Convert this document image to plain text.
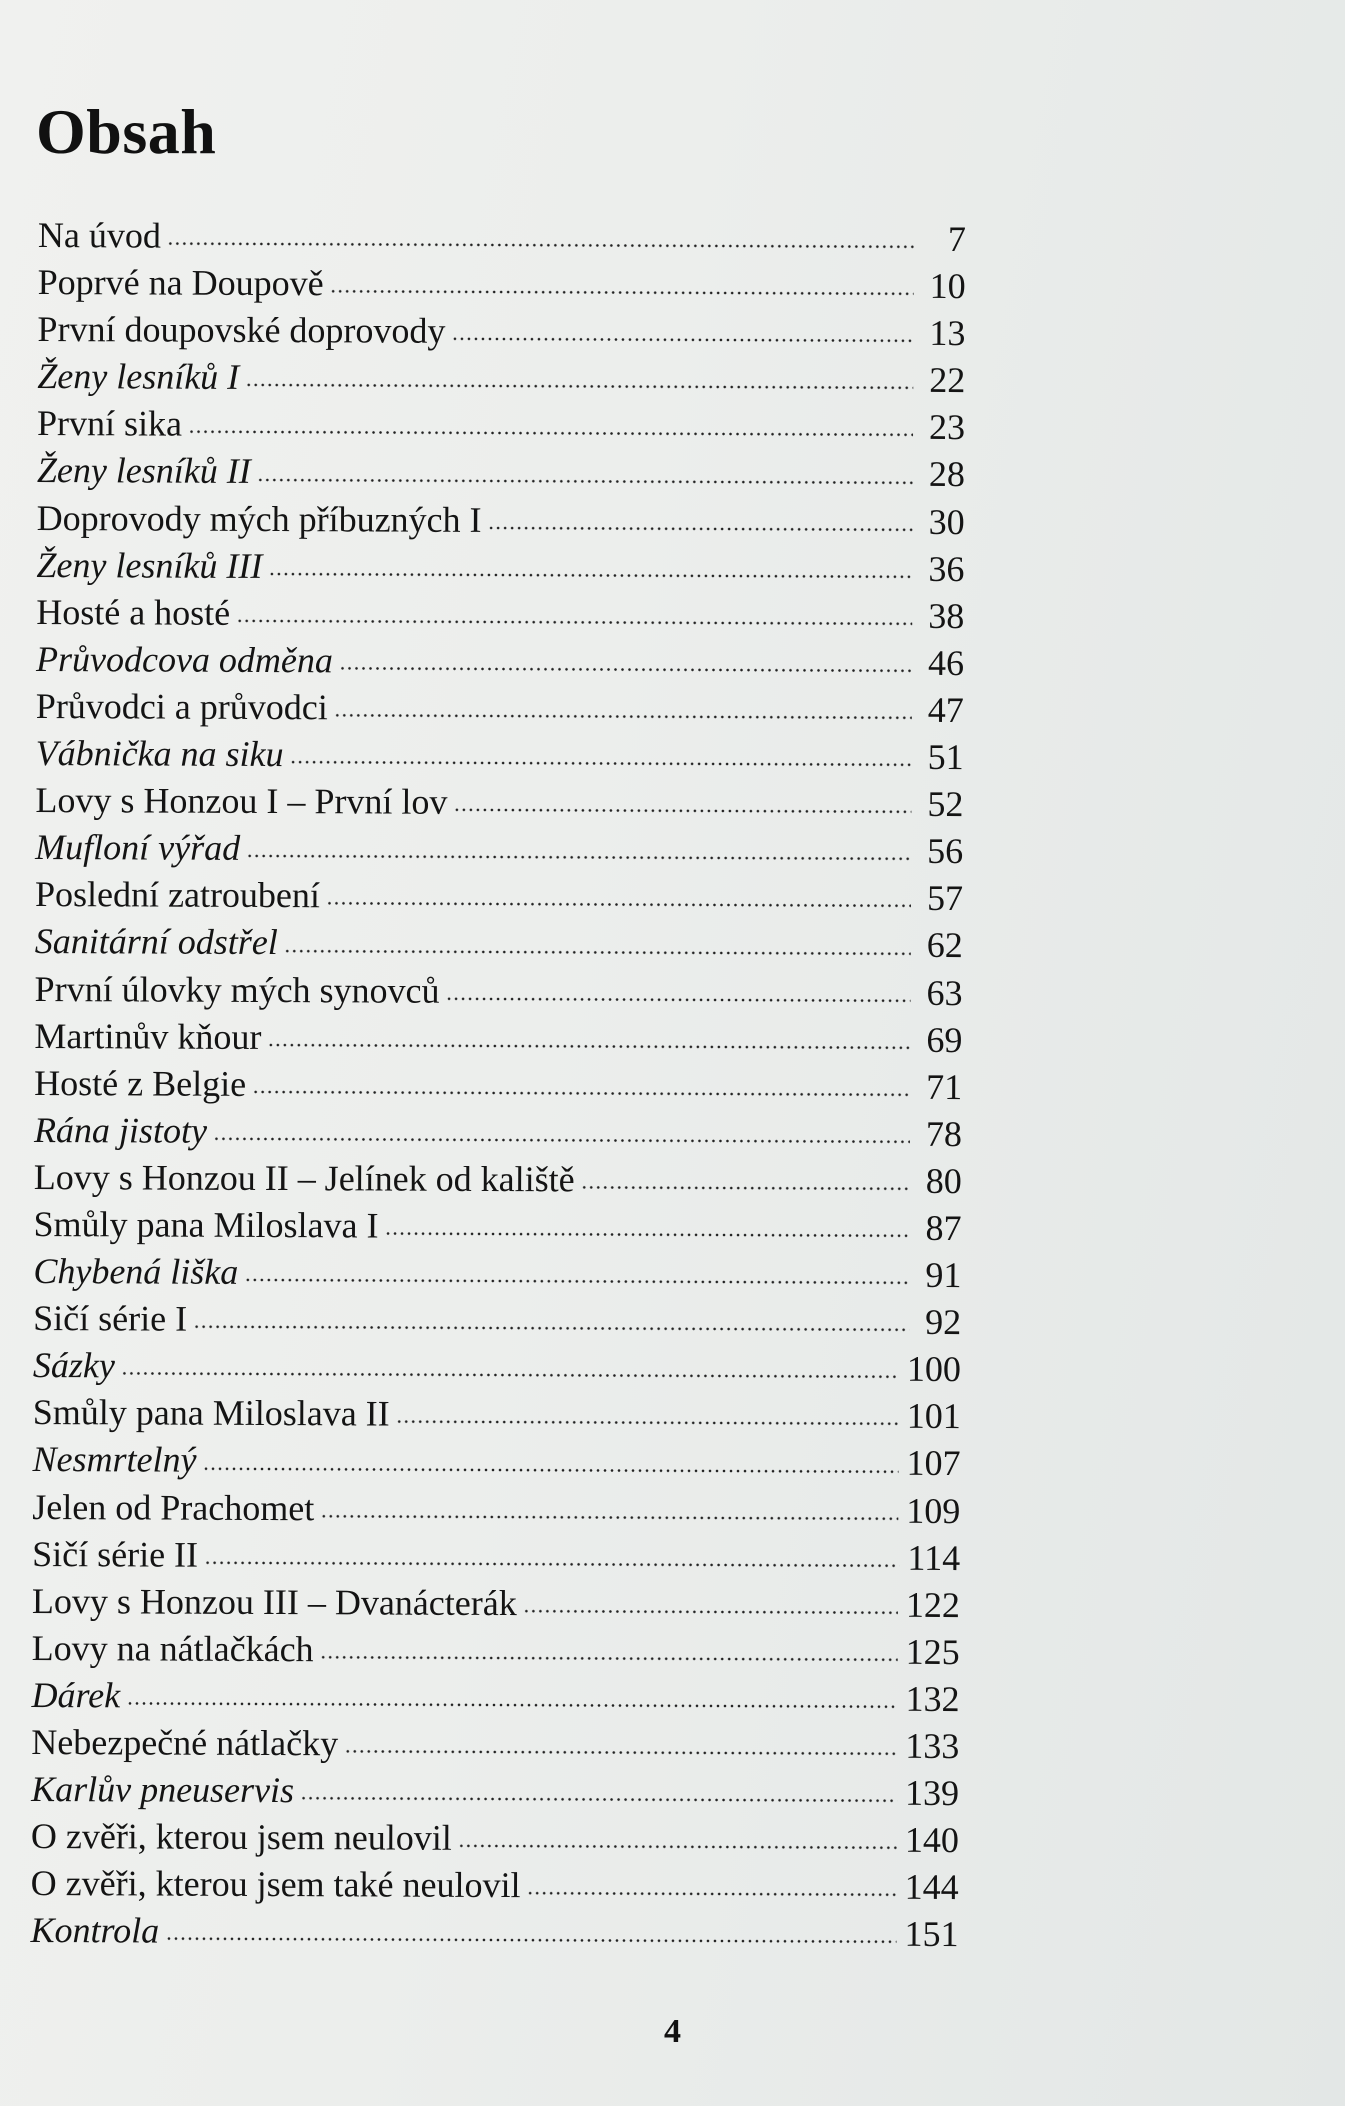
Obsah
Na úvod	7
Poprvé na Doupově	10
První doupovské doprovody	13
Ženy lesníků I	22
První sika	23
Ženy lesníků II	28
Doprovody mých příbuzných I	30
Ženy lesníků III	36
Hosté a hosté	38
Průvodcova odměna	46
Průvodci a průvodci	47
Vábnička na siku	51
Lovy s Honzou I – První lov	52
Mufloní výřad	56
Poslední zatroubení	57
Sanitární odstřel	62
První úlovky mých synovců	63
Martinův kňour	69
Hosté z Belgie	71
Rána jistoty	78
Lovy s Honzou II – Jelínek od kaliště	80
Smůly pana Miloslava I	87
Chybená liška	91
Sičí série I	92
Sázky	100
Smůly pana Miloslava II	101
Nesmrtelný	107
Jelen od Prachomet	109
Sičí série II	114
Lovy s Honzou III – Dvanácterák	122
Lovy na nátlačkách	125
Dárek	132
Nebezpečné nátlačky	133
Karlův pneuservis	139
O zvěři, kterou jsem neulovil	140
O zvěři, kterou jsem také neulovil	144
Kontrola	151
4
